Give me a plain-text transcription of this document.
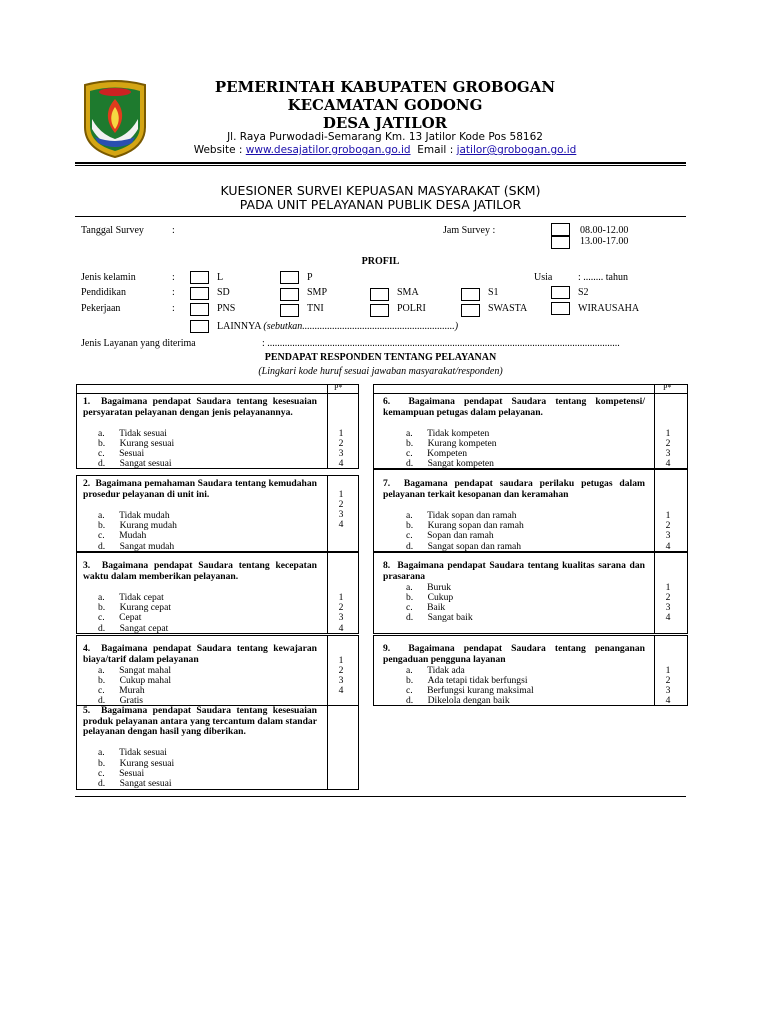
PEMERINTAH KABUPATEN GROBOGAN
KECAMATAN GODONG
DESA JATILOR
Jl. Raya Purwodadi-Semarang Km. 13 Jatilor Kode Pos 58162
Website : www.desajatilor.grobogan.go.id Email : jatilor@grobogan.go.id
KUESIONER SURVEI KEPUASAN MASYARAKAT (SKM)
PADA UNIT PELAYANAN PUBLIK DESA JATILOR
Tanggal Survey	:	Jam Survey :	08.00-12.00
13.00-17.00
PROFIL
Jenis kelamin	:	L	P	Usia	: ........ tahun
Pendidikan	:	SD	SMP	SMA	S1	S2
Pekerjaan	:	PNS	TNI	POLRI	SWASTA	WIRAUSAHA
LAINNYA (sebutkan.............................................................)
Jenis Layanan yang diterima	: .............................................................................................................................................
PENDAPAT RESPONDEN TENTANG PELAYANAN
(Lingkari kode huruf sesuai jawaban masyarakat/responden)
P*	P*
1. Bagaimana pendapat Saudara tentang kesesuaian persyaratan pelayanan dengan jenis pelayanannya.
a. Tidak sesuai
b. Kurang sesuai
c. Sesuai
d. Sangat sesuai
1
2
3
4
2. Bagaimana pemahaman Saudara tentang kemudahan prosedur pelayanan di unit ini.
a. Tidak mudah
b. Kurang mudah
c. Mudah
d. Sangat mudah
1
2
3
4
3. Bagaimana pendapat Saudara tentang kecepatan waktu dalam memberikan pelayanan.
a. Tidak cepat
b. Kurang cepat
c. Cepat
d. Sangat cepat
1
2
3
4
4. Bagaimana pendapat Saudara tentang kewajaran biaya/tarif dalam pelayanan
a. Sangat mahal
b. Cukup mahal
c. Murah
d. Gratis
1
2
3
4
5. Bagaimana pendapat Saudara tentang kesesuaian produk pelayanan antara yang tercantum dalam standar pelayanan dengan hasil yang diberikan.
a. Tidak sesuai
b. Kurang sesuai
c. Sesuai
d. Sangat sesuai
6. Bagaimana pendapat Saudara tentang kompetensi/ kemampuan petugas dalam pelayanan.
a. Tidak kompeten
b. Kurang kompeten
c. Kompeten
d. Sangat kompeten
1
2
3
4
7. Bagamana pendapat saudara perilaku petugas dalam pelayanan terkait kesopanan dan keramahan
a. Tidak sopan dan ramah
b. Kurang sopan dan ramah
c. Sopan dan ramah
d. Sangat sopan dan ramah
1
2
3
4
8. Bagaimana pendapat Saudara tentang kualitas sarana dan prasarana
a. Buruk
b. Cukup
c. Baik
d. Sangat baik
1
2
3
4
9. Bagaimana pendapat Saudara tentang penanganan pengaduan pengguna layanan
a. Tidak ada
b. Ada tetapi tidak berfungsi
c. Berfungsi kurang maksimal
d. Dikelola dengan baik
1
2
3
4
